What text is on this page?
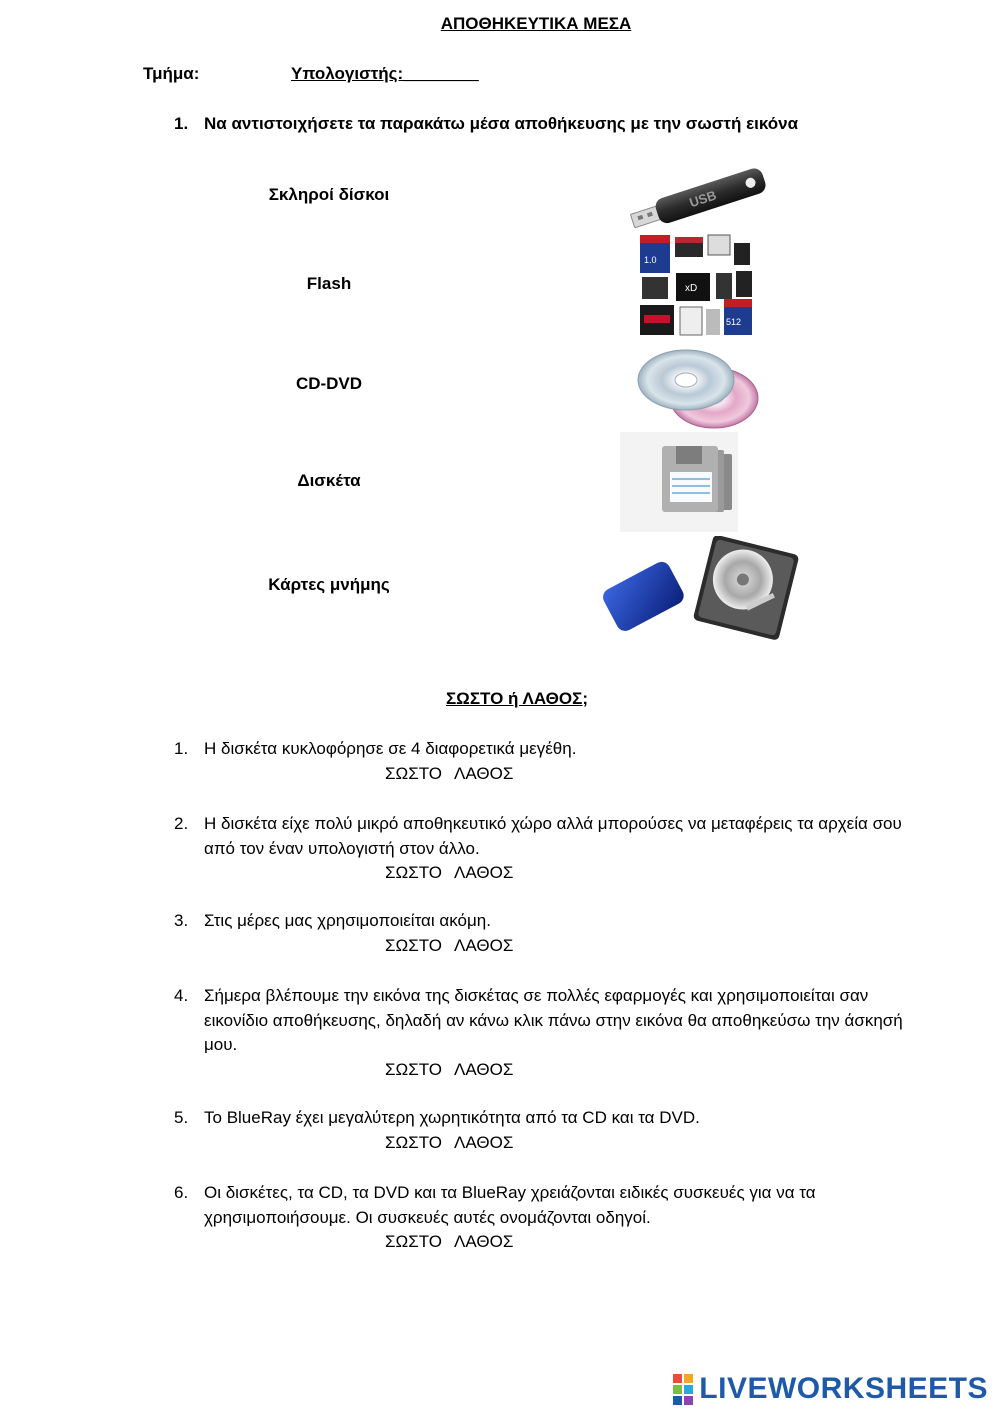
ΑΠΟΘΗΚΕΥΤΙΚΑ ΜΕΣΑ
Τμήμα:	Υπολογιστής:________
1. Να αντιστοιχήσετε τα παρακάτω μέσα αποθήκευσης με την σωστή εικόνα
Σκληροί δίσκοι
Flash
CD-DVD
Δισκέτα
Κάρτες μνήμης
USB
1.0
xD
512
ΣΩΣΤΟ ή ΛΑΘΟΣ;
1. Η δισκέτα κυκλοφόρησε σε 4 διαφορετικά μεγέθη.
ΣΩΣΤΟ ΛΑΘΟΣ
2. Η δισκέτα είχε πολύ μικρό αποθηκευτικό χώρο αλλά μπορούσες να μεταφέρεις τα αρχεία σου από τον έναν υπολογιστή στον άλλο.
ΣΩΣΤΟ ΛΑΘΟΣ
3. Στις μέρες μας χρησιμοποιείται ακόμη.
ΣΩΣΤΟ ΛΑΘΟΣ
4. Σήμερα βλέπουμε την εικόνα της δισκέτας σε πολλές εφαρμογές και χρησιμοποιείται σαν εικονίδιο αποθήκευσης, δηλαδή αν κάνω κλικ πάνω στην εικόνα θα αποθηκεύσω την άσκησή μου.
ΣΩΣΤΟ ΛΑΘΟΣ
5. Το BlueRay έχει μεγαλύτερη χωρητικότητα από τα CD και τα DVD.
ΣΩΣΤΟ ΛΑΘΟΣ
6. Οι δισκέτες, τα CD, τα DVD και τα BlueRay χρειάζονται ειδικές συσκευές για να τα χρησιμοποιήσουμε. Οι συσκευές αυτές ονομάζονται οδηγοί.
ΣΩΣΤΟ ΛΑΘΟΣ
LIVEWORKSHEETS
